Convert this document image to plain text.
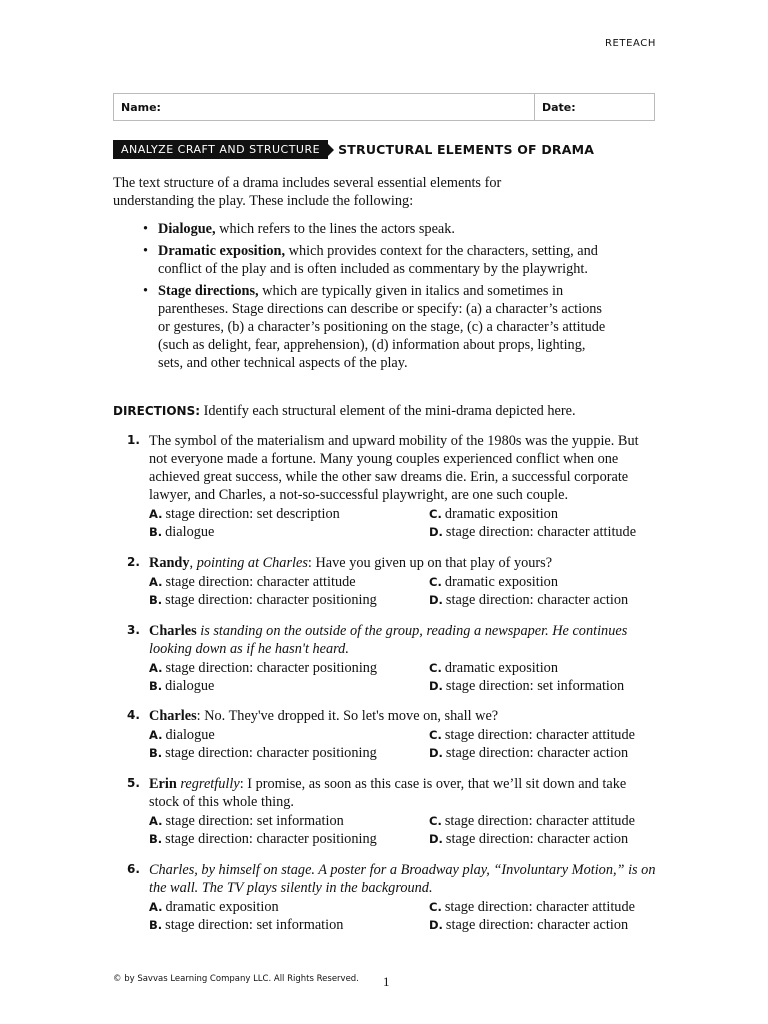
RETEACH
Name:	Date:
ANALYZE CRAFT AND STRUCTURE	STRUCTURAL ELEMENTS OF DRAMA

The text structure of a drama includes several essential elements for understanding the play. These include the following:

• Dialogue, which refers to the lines the actors speak.
• Dramatic exposition, which provides context for the characters, setting, and conflict of the play and is often included as commentary by the playwright.
• Stage directions, which are typically given in italics and sometimes in parentheses. Stage directions can describe or specify: (a) a character’s actions or gestures, (b) a character’s positioning on the stage, (c) a character’s attitude (such as delight, fear, apprehension), (d) information about props, lighting, sets, and other technical aspects of the play.
DIRECTIONS: Identify each structural element of the mini-drama depicted here.
1. The symbol of the materialism and upward mobility of the 1980s was the yuppie. But not everyone made a fortune. Many young couples experienced conflict when one achieved great success, while the other saw dreams die. Erin, a successful corporate lawyer, and Charles, a not-so-successful playwright, are one such couple.
A. stage direction: set description	C. dramatic exposition
B. dialogue	D. stage direction: character attitude
2. Randy, pointing at Charles: Have you given up on that play of yours?
A. stage direction: character attitude	C. dramatic exposition
B. stage direction: character positioning	D. stage direction: character action
3. Charles is standing on the outside of the group, reading a newspaper. He continues looking down as if he hasn't heard.
A. stage direction: character positioning	C. dramatic exposition
B. dialogue	D. stage direction: set information
4. Charles: No. They've dropped it. So let's move on, shall we?
A. dialogue	C. stage direction: character attitude
B. stage direction: character positioning	D. stage direction: character action
5. Erin regretfully: I promise, as soon as this case is over, that we’ll sit down and take stock of this whole thing.
A. stage direction: set information	C. stage direction: character attitude
B. stage direction: character positioning	D. stage direction: character action
6. Charles, by himself on stage. A poster for a Broadway play, “Involuntary Motion,” is on the wall. The TV plays silently in the background.
A. dramatic exposition	C. stage direction: character attitude
B. stage direction: set information	D. stage direction: character action
© by Savvas Learning Company LLC. All Rights Reserved. 1
